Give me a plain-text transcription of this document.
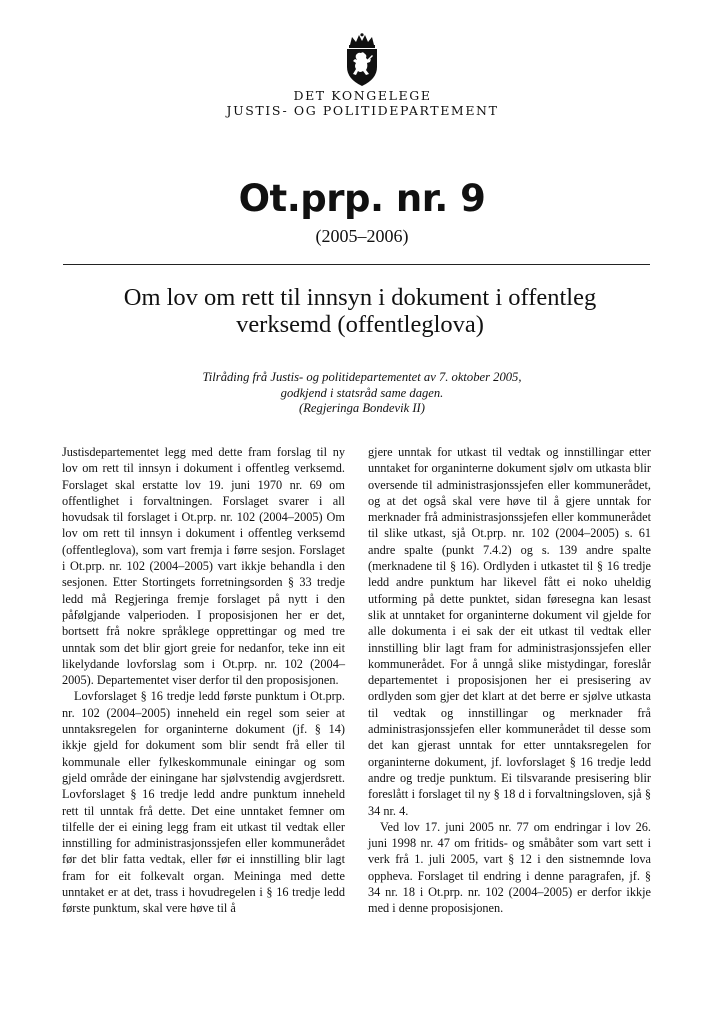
DET KONGELEGE
JUSTIS- OG POLITIDEPARTEMENT
Ot.prp. nr. 9
(2005–2006)
Om lov om rett til innsyn i dokument i offentleg
verksemd (offentleglova)
Tilråding frå Justis- og politidepartementet av 7. oktober 2005,
godkjend i statsråd same dagen.
(Regjeringa Bondevik II)

Justisdepartementet legg med dette fram forslag til ny lov om rett til innsyn i dokument i offentleg verksemd. Forslaget skal erstatte lov 19. juni 1970 nr. 69 om offentlighet i forvaltningen. Forslaget svarer i all hovudsak til forslaget i Ot.prp. nr. 102 (2004–2005) Om lov om rett til innsyn i dokument i offentleg verksemd (offentleglova), som vart fremja i førre sesjon. Forslaget i Ot.prp. nr. 102 (2004–2005) vart ikkje behandla i den sesjonen. Etter Stortingets forretningsorden § 33 tredje ledd må Regjeringa fremje forslaget på nytt i den påfølgjande valperioden. I proposisjonen her er det, bortsett frå nokre språklege opprettingar og med tre unntak som det blir gjort greie for nedanfor, teke inn eit likelydande lovforslag som i Ot.prp. nr. 102 (2004–2005). Departementet viser derfor til den proposisjonen.

Lovforslaget § 16 tredje ledd første punktum i Ot.prp. nr. 102 (2004–2005) inneheld ein regel som seier at unntaksregelen for organinterne dokument (jf. § 14) ikkje gjeld for dokument som blir sendt frå eller til kommunale eller fylkeskommunale einingar og som gjeld område der einingane har sjølvstendig avgjerdsrett. Lovforslaget § 16 tredje ledd andre punktum inneheld rett til unntak frå dette. Det eine unntaket femner om tilfelle der ei eining legg fram eit utkast til vedtak eller innstilling for administrasjonssjefen eller kommunerådet før det blir fatta vedtak, eller før ei innstilling blir lagt fram for eit folkevalt organ. Meininga med dette unntaket er at det, trass i hovudregelen i § 16 tredje ledd første punktum, skal vere høve til å

gjere unntak for utkast til vedtak og innstillingar etter unntaket for organinterne dokument sjølv om utkasta blir oversende til administrasjonssjefen eller kommunerådet, og at det også skal vere høve til å gjere unntak for merknader frå administrasjonssjefen eller kommunerådet til slike utkast, sjå Ot.prp. nr. 102 (2004–2005) s. 61 andre spalte (punkt 7.4.2) og s. 139 andre spalte (merknadene til § 16). Ordlyden i utkastet til § 16 tredje ledd andre punktum har likevel fått ei noko uheldig utforming på dette punktet, sidan føresegna kan lesast slik at unntaket for organinterne dokument vil gjelde for alle dokumenta i ei sak der eit utkast til vedtak eller innstilling blir lagt fram for administrasjonssjefen eller kommunerådet. For å unngå slike mistydingar, foreslår departementet i proposisjonen her ei presisering av ordlyden som gjer det klart at det berre er sjølve utkasta til vedtak og innstillingar og merknader frå administrasjonssjefen eller kommunerådet til desse som det kan gjerast unntak for etter unntaksregelen for organinterne dokument, jf. lovforslaget § 16 tredje ledd andre og tredje punktum. Ei tilsvarande presisering blir foreslått i forslaget til ny § 18 d i forvaltningsloven, sjå § 34 nr. 4.

Ved lov 17. juni 2005 nr. 77 om endringar i lov 26. juni 1998 nr. 47 om fritids- og småbåter som vart sett i verk frå 1. juli 2005, vart § 12 i den sistnemnde lova oppheva. Forslaget til endring i denne paragrafen, jf. § 34 nr. 18 i Ot.prp. nr. 102 (2004–2005) er derfor ikkje med i denne proposisjonen.
